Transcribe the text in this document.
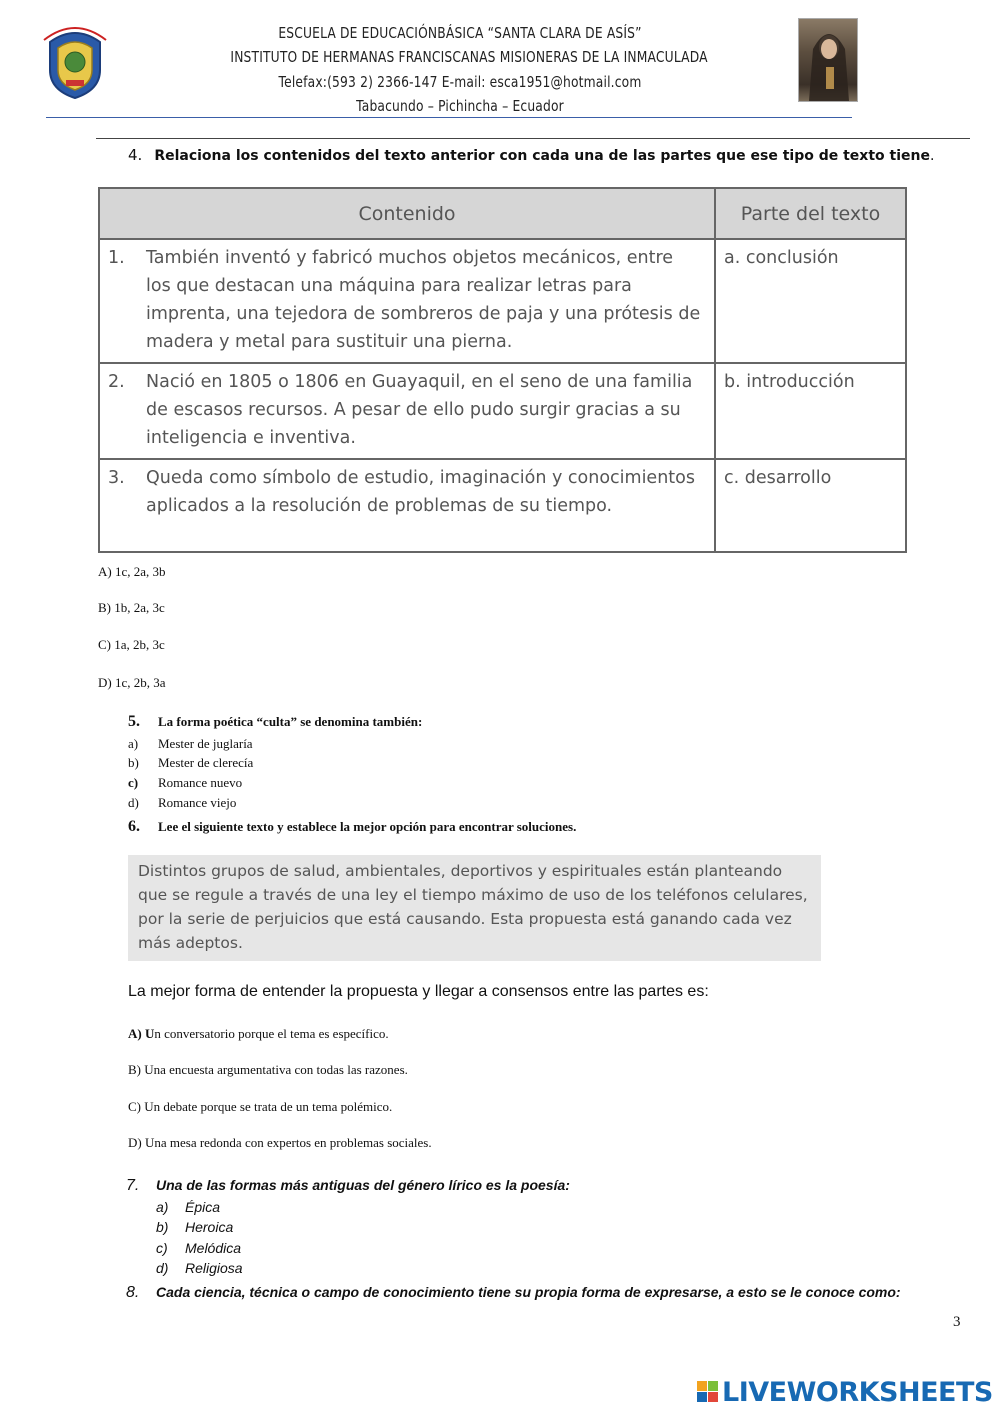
ESCUELA DE EDUCACIÓNBÁSICA “SANTA CLARA DE ASÍS”
INSTITUTO DE HERMANAS FRANCISCANAS MISIONERAS DE LA INMACULADA
Telefax:(593 2) 2366-147 E-mail: esca1951@hotmail.com
Tabacundo – Pichincha – Ecuador
4. Relaciona los contenidos del texto anterior con cada una de las partes que ese tipo de texto tiene.
Contenido	Parte del texto
1. También inventó y fabricó muchos objetos mecánicos, entre los que destacan una máquina para realizar letras para imprenta, una tejedora de sombreros de paja y una prótesis de madera y metal para sustituir una pierna.	a. conclusión
2. Nació en 1805 o 1806 en Guayaquil, en el seno de una familia de escasos recursos. A pesar de ello pudo surgir gracias a su inteligencia e inventiva.	b. introducción
3. Queda como símbolo de estudio, imaginación y conocimientos aplicados a la resolución de problemas de su tiempo.	c. desarrollo
A) 1c, 2a, 3b
B) 1b, 2a, 3c
C) 1a, 2b, 3c
D) 1c, 2b, 3a
5. La forma poética “culta” se denomina también:
a) Mester de juglaría
b) Mester de clerecía
c) Romance nuevo
d) Romance viejo
6. Lee el siguiente texto y establece la mejor opción para encontrar soluciones.
Distintos grupos de salud, ambientales, deportivos y espirituales están planteando que se regule a través de una ley el tiempo máximo de uso de los teléfonos celulares, por la serie de perjuicios que está causando. Esta propuesta está ganando cada vez más adeptos.
La mejor forma de entender la propuesta y llegar a consensos entre las partes es:
A) Un conversatorio porque el tema es específico.
B) Una encuesta argumentativa con todas las razones.
C) Un debate porque se trata de un tema polémico.
D) Una mesa redonda con expertos en problemas sociales.
7. Una de las formas más antiguas del género lírico es la poesía:
a) Épica
b) Heroica
c) Melódica
d) Religiosa
8. Cada ciencia, técnica o campo de conocimiento tiene su propia forma de expresarse, a esto se le conoce como:
3
LIVEWORKSHEETS
